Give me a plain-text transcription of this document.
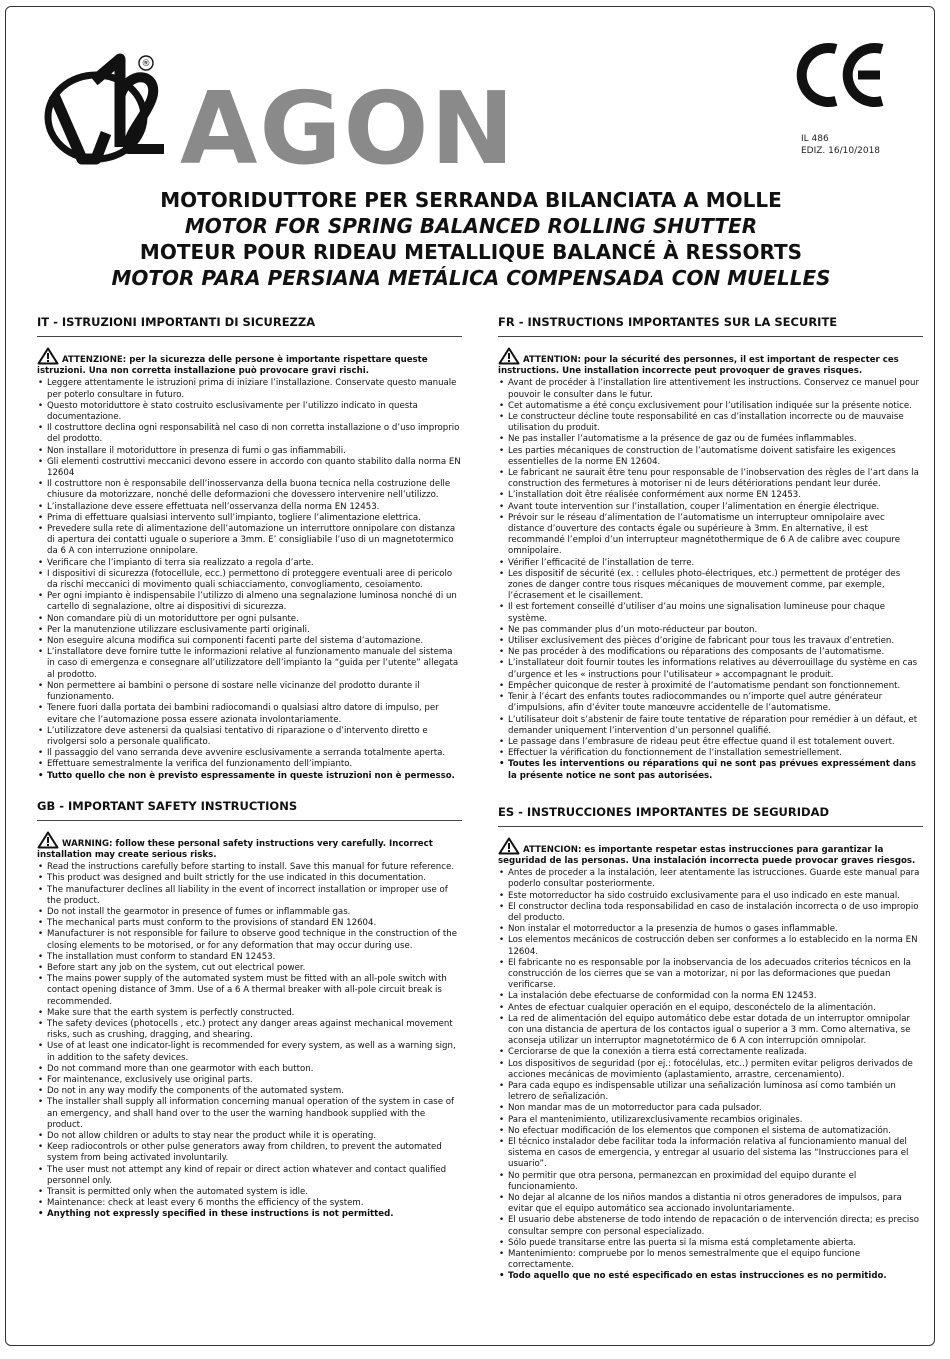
®
AGON	IL 486
EDIZ. 16/10/2018
MOTORIDUTTORE PER SERRANDA BILANCIATA A MOLLE
MOTOR FOR SPRING BALANCED ROLLING SHUTTER
MOTEUR POUR RIDEAU METALLIQUE BALANCÉ À RESSORTS
MOTOR PARA PERSIANA METÁLICA COMPENSADA CON MUELLES
IT - ISTRUZIONI IMPORTANTI DI SICUREZZA
ATTENZIONE: per la sicurezza delle persone è importante rispettare queste istruzioni. Una non corretta installazione può provocare gravi rischi.
• Leggere attentamente le istruzioni prima di iniziare l’installazione. Conservate questo manuale per poterlo consultare in futuro.
• Questo motoriduttore è stato costruito esclusivamente per l’utilizzo indicato in questa documentazione.
• Il costruttore declina ogni responsabilità nel caso di non corretta installazione o d’uso improprio del prodotto.
• Non installare il motoriduttore in presenza di fumi o gas infiammabili.
• Gli elementi costruttivi meccanici devono essere in accordo con quanto stabilito dalla norma EN 12604
• Il costruttore non è responsabile dell’inosservanza della buona tecnica nella costruzione delle chiusure da motorizzare, nonché delle deformazioni che dovessero intervenire nell’utilizzo.
• L’installazione deve essere effettuata nell’osservanza della norma EN 12453.
• Prima di effettuare qualsiasi intervento sull’impianto, togliere l’alimentazione elettrica.
• Prevedere sulla rete di alimentazione dell’automazione un interruttore onnipolare con distanza di apertura dei contatti uguale o superiore a 3mm. E’ consigliabile l’uso di un magnetotermico da 6 A con interruzione onnipolare.
• Verificare che l’impianto di terra sia realizzato a regola d’arte.
• I dispositivi di sicurezza (fotocellule, ecc.) permettono di proteggere eventuali aree di pericolo da rischi meccanici di movimento quali schiacciamento, convogliamento, cesoiamento.
• Per ogni impianto è indispensabile l’utilizzo di almeno una segnalazione luminosa nonché di un cartello di segnalazione, oltre ai dispositivi di sicurezza.
• Non comandare più di un motoriduttore per ogni pulsante.
• Per la manutenzione utilizzare esclusivamente parti originali.
• Non eseguire alcuna modifica sui componenti facenti parte del sistema d’automazione.
• L’installatore deve fornire tutte le informazioni relative al funzionamento manuale del sistema in caso di emergenza e consegnare all’utilizzatore dell’impianto la “guida per l’utente” allegata al prodotto.
• Non permettere ai bambini o persone di sostare nelle vicinanze del prodotto durante il funzionamento.
• Tenere fuori dalla portata dei bambini radiocomandi o qualsiasi altro datore di impulso, per evitare che l’automazione possa essere azionata involontariamente.
• L’utilizzatore deve astenersi da qualsiasi tentativo di riparazione o d’intervento diretto e rivolgersi solo a personale qualificato.
• Il passaggio del vano serranda deve avvenire esclusivamente a serranda totalmente aperta.
• Effettuare semestralmente la verifica del funzionamento dell’impianto.
• Tutto quello che non è previsto espressamente in queste istruzioni non è permesso.
GB - IMPORTANT SAFETY INSTRUCTIONS
WARNING: follow these personal safety instructions very carefully. Incorrect installation may create serious risks.
• Read the instructions carefully before starting to install. Save this manual for future reference.
• This product was designed and built strictly for the use indicated in this documentation.
• The manufacturer declines all liability in the event of incorrect installation or improper use of the product.
• Do not install the gearmotor in presence of fumes or inflammable gas.
• The mechanical parts must conform to the provisions of standard EN 12604.
• Manufacturer is not responsible for failure to observe good technique in the construction of the closing elements to be motorised, or for any deformation that may occur during use.
• The installation must conform to standard EN 12453.
• Before start any job on the system, cut out electrical power.
• The mains power supply of the automated system must be fitted with an all-pole switch with contact opening distance of 3mm. Use of a 6 A thermal breaker with all-pole circuit break is recommended.
• Make sure that the earth system is perfectly constructed.
• The safety devices (photocells , etc.) protect any danger areas against mechanical movement risks, such as crushing, dragging, and shearing.
• Use of at least one indicator-light is recommended for every system, as well as a warning sign, in addition to the safety devices.
• Do not command more than one gearmotor with each button.
• For maintenance, exclusively use original parts.
• Do not in any way modify the components of the automated system.
• The installer shall supply all information concerning manual operation of the system in case of an emergency, and shall hand over to the user the warning handbook supplied with the product.
• Do not allow children or adults to stay near the product while it is operating.
• Keep radiocontrols or other pulse generators away from children, to prevent the automated system from being activated involuntarily.
• The user must not attempt any kind of repair or direct action whatever and contact qualified personnel only.
• Transit is permitted only when the automated system is idle.
• Maintenance: check at least every 6 months the efficiency of the system.
• Anything not expressly specified in these instructions is not permitted.
FR - INSTRUCTIONS IMPORTANTES SUR LA SECURITE
ATTENTION: pour la sécurité des personnes, il est important de respecter ces instructions. Une installation incorrecte peut provoquer de graves risques.
• Avant de procéder à l’installation lire attentivement les instructions. Conservez ce manuel pour pouvoir le consulter dans le futur.
• Cet automatisme a été conçu exclusivement pour l’utilisation indiquée sur la présente notice.
• Le constructeur décline toute responsabilité en cas d’installation incorrecte ou de mauvaise utilisation du produit.
• Ne pas installer l’automatisme a la présence de gaz ou de fumées inflammables.
• Les parties mécaniques de construction de l’automatisme doivent satisfaire les exigences essentielles de la norme EN 12604.
• Le fabricant ne saurait être tenu pour responsable de l’inobservation des règles de l’art dans la construction des fermetures à motoriser ni de leurs détériorations pendant leur durée.
• L’installation doit être réalisée conformément aux norme EN 12453.
• Avant toute intervention sur l’installation, couper l’alimentation en énergie électrique.
• Prévoir sur le réseau d’alimentation de l’automatisme un interrupteur omnipolaire avec distance d’ouverture des contacts égale ou supérieure à 3mm. En alternative, il est recommandé l’emploi d’un interrupteur magnétothermique de 6 A de calibre avec coupure omnipolaire.
• Vérifier l’efficacité de l’installation de terre.
• Les dispositif de sécurité (ex. : cellules photo-électriques, etc.) permettent de protéger des zones de danger contre tous risques mécaniques de mouvement comme, par exemple, l’écrasement et le cisaillement.
• Il est fortement conseillé d’utiliser d’au moins une signalisation lumineuse pour chaque système.
• Ne pas commander plus d’un moto-réducteur par bouton.
• Utiliser exclusivement des pièces d’origine de fabricant pour tous les travaux d’entretien.
• Ne pas procéder à des modifications ou réparations des composants de l’automatisme.
• L’installateur doit fournir toutes les informations relatives au déverrouillage du système en cas d’urgence et les « instructions pour l’utilisateur » accompagnant le produit.
• Empêcher quiconque de rester à proximité de l’automatisme pendant son fonctionnement.
• Tenir à l’écart des enfants toutes radiocommandes ou n’importe quel autre générateur d’impulsions, afin d’éviter toute manœuvre accidentelle de l’automatisme.
• L’utilisateur doit s’abstenir de faire toute tentative de réparation pour remédier à un défaut, et demander uniquement l’intervention d’un personnel qualifié.
• Le passage dans l’embrasure de rideau peut être effectue quand il est totalement ouvert.
• Effectuer la vérification du fonctionnement de l’installation semestriellement.
• Toutes les interventions ou réparations qui ne sont pas prévues expressément dans la présente notice ne sont pas autorisées.
ES - INSTRUCCIONES IMPORTANTES DE SEGURIDAD
ATTENCION: es importante respetar estas instrucciones para garantizar la seguridad de las personas. Una instalación incorrecta puede provocar graves riesgos.
• Antes de proceder a la instalación, leer atentamente las istrucciones. Guarde este manual para poderlo consultar posteriormente.
• Este motorreductor ha sido costruido exclusivamente para el uso indicado en este manual.
• El constructor declina toda responsabilidad en caso de instalación incorrecta o de uso impropio del producto.
• Non instalar el motorreductor a la presenzia de humos o gases inflammable.
• Los elementos mecánicos de costrucción deben ser conformes a lo establecido en la norma EN 12604.
• El fabricante no es responsable por la inobservancia de los adecuados criterios técnicos en la construcción de los cierres que se van a motorizar, ni por las deformaciones que puedan verificarse.
• La instalación debe efectuarse de conformidad con la norma EN 12453.
• Antes de efectuar cualquier operación en el equipo, desconéctelo de la alimentación.
• La red de alimentación del equipo automático debe estar dotada de un interruptor omnipolar con una distancia de apertura de los contactos igual o superior a 3 mm. Como alternativa, se aconseja utilizar un interruptor magnetotérmico de 6 A con interrupción omnipolar.
• Cerciorarse de que la conexión a tierra está correctamente realizada.
• Los dispositivos de seguridad (por ej.: fotocélulas, etc..) permiten evitar peligros derivados de acciones mecánicas de movimiento (aplastamiento, arrastre, cercenamiento).
• Para cada equpo es indispensable utilizar una señalización luminosa así como también un letrero de señalización.
• Non mandar mas de un motorreductor para cada pulsador.
• Para el mantenimiento, utilizarexclusivamente recambios originales.
• No efectuar modificación de los elementos que componen el sistema de automatización.
• El técnico instalador debe facilitar toda la información relativa al funcionamiento manual del sistema en casos de emergencia, y entregar al usuario del sistema las “Instrucciones para el usuario”.
• No permitir que otra persona, permanezcan en proximidad del equipo durante el funcionamiento.
• No dejar al alcanne de los niños mandos a distantia ni otros generadores de impulsos, para evitar que el equipo automático sea accionado involuntariamente.
• El usuario debe abstenerse de todo intendo de repacación o de intervención directa; es preciso consultar sempre con personal especializado.
• Sólo puede transitarse entre las puerta si la misma está completamente abierta.
• Mantenimiento: compruebe por lo menos semestralmente que el equipo funcione correctamente.
• Todo aquello que no esté especificado en estas instrucciones es no permitido.
